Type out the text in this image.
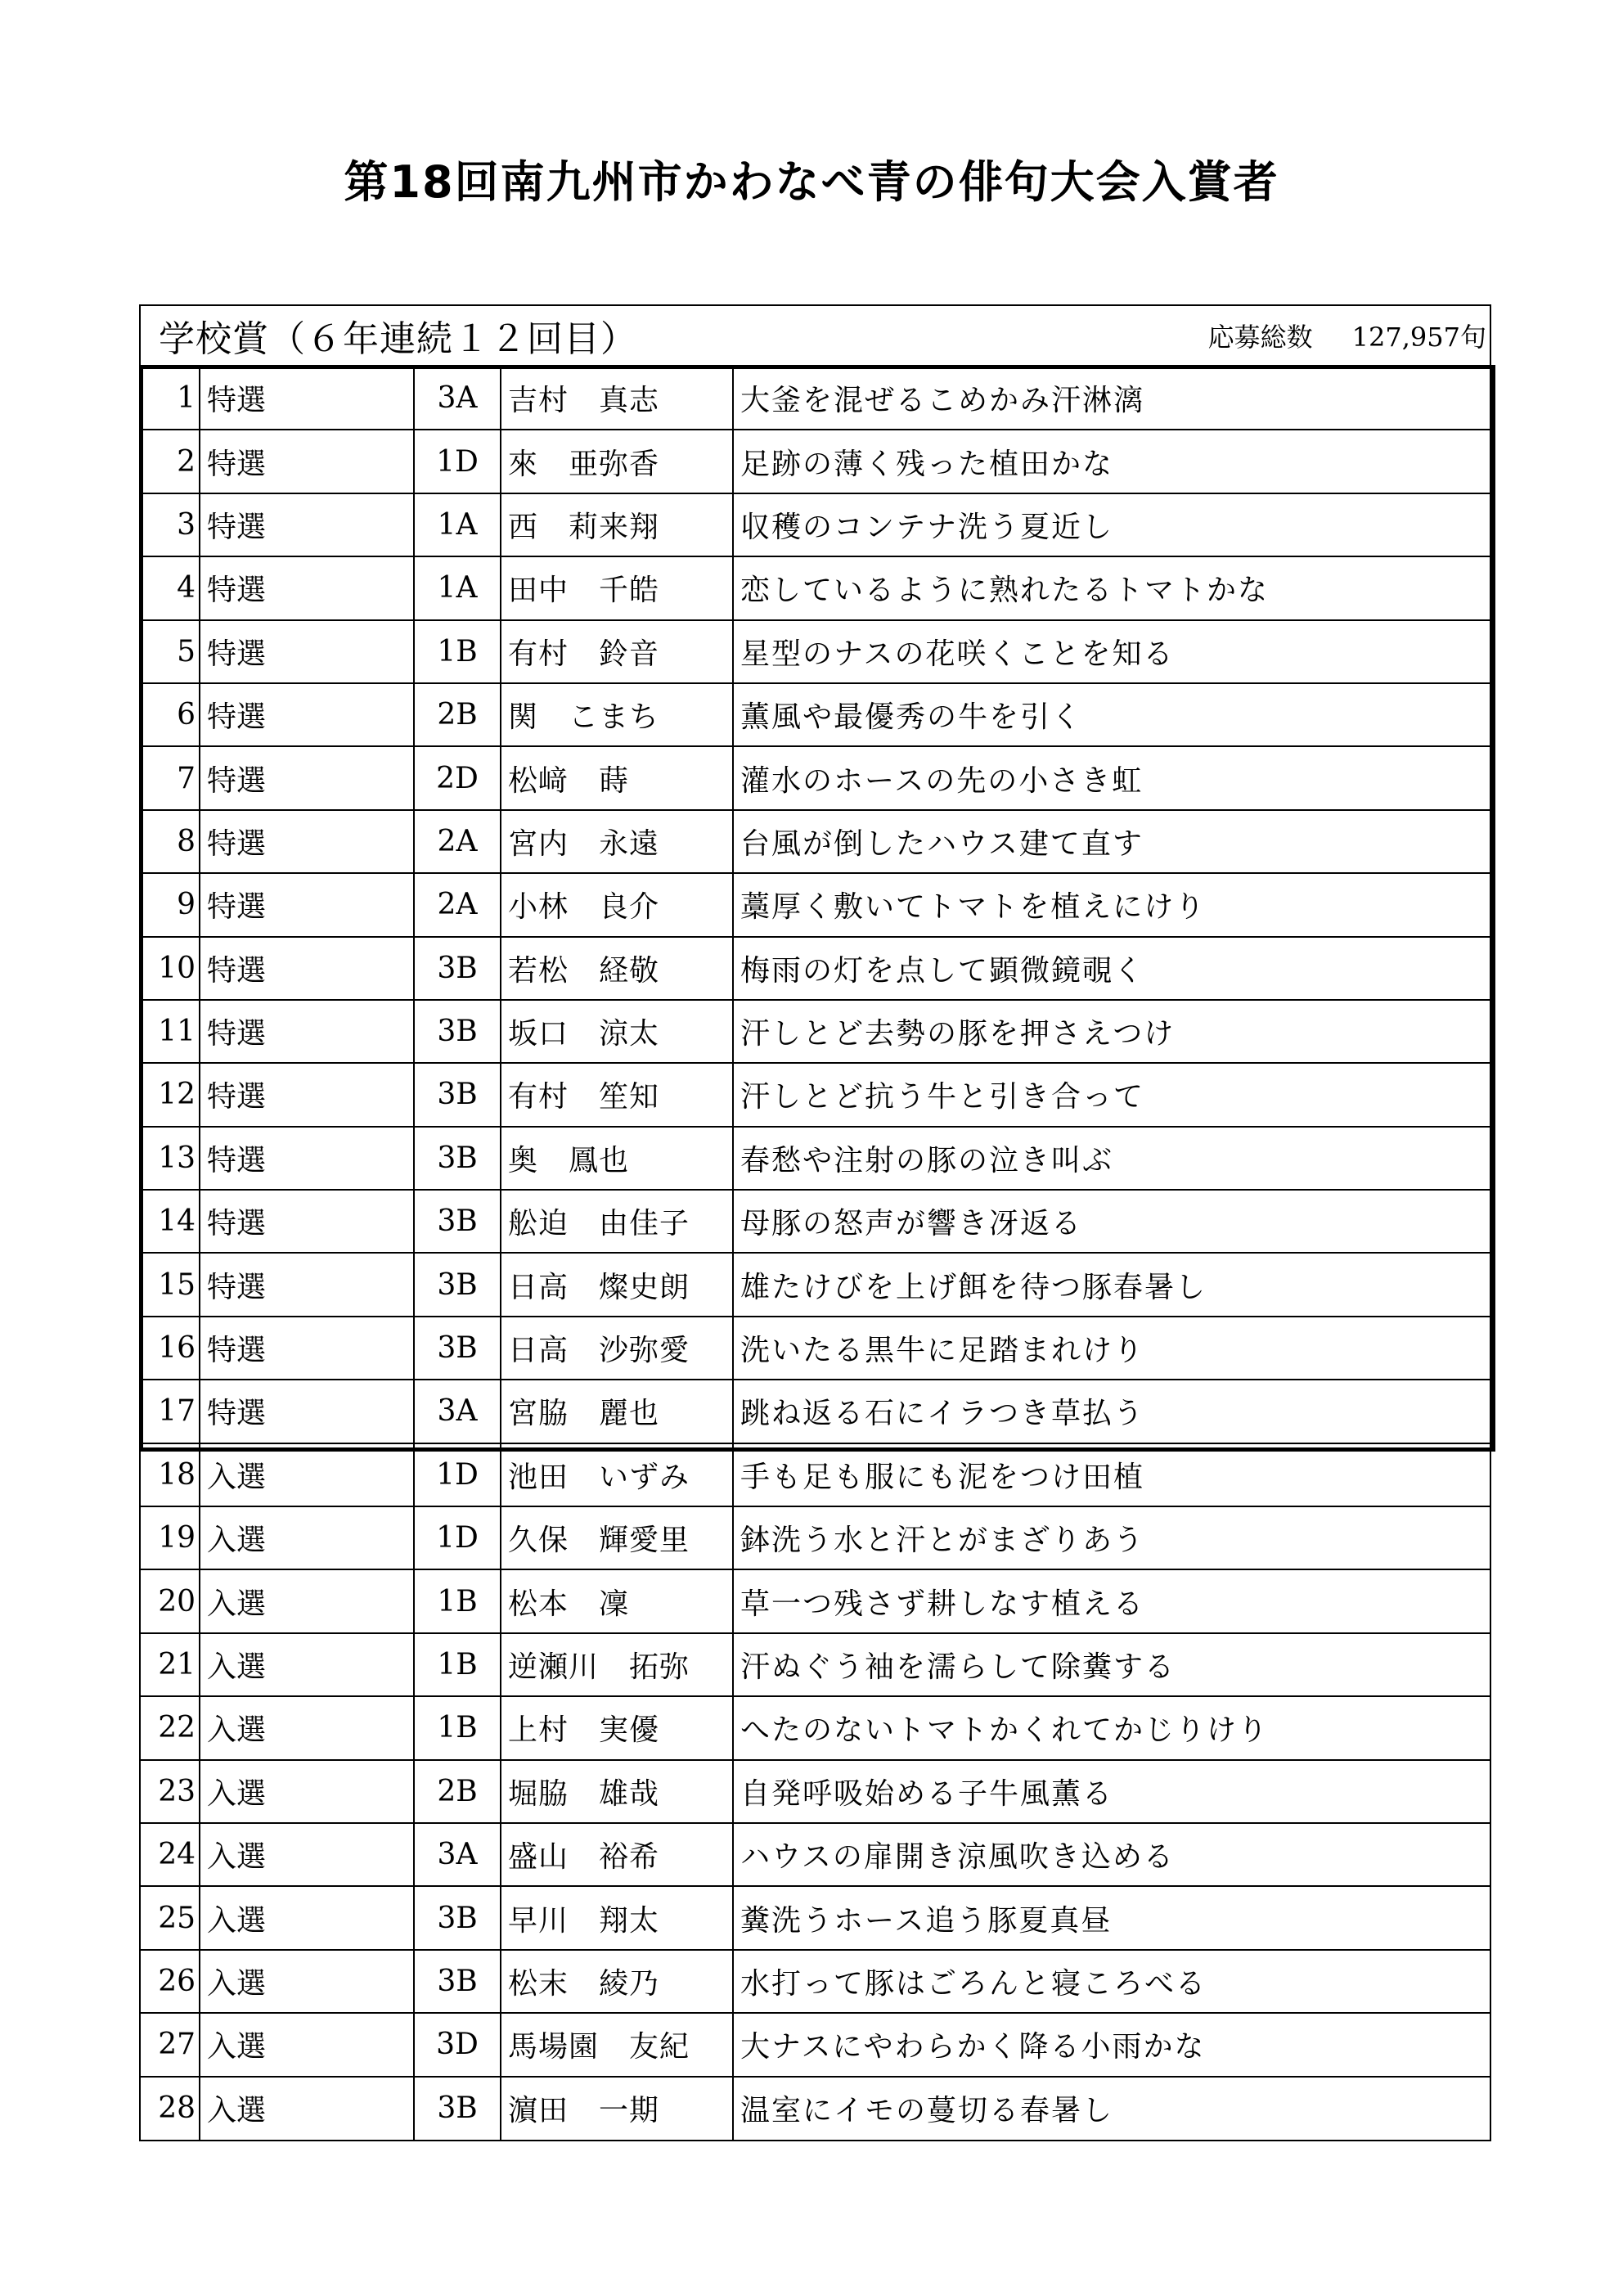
第18回南九州市かわなべ青の俳句大会入賞者
学校賞（６年連続１２回目）	応募総数 127,957句
1	特選	3A	吉村　真志	大釜を混ぜるこめかみ汗淋漓
2	特選	1D	來　亜弥香	足跡の薄く残った植田かな
3	特選	1A	西　莉来翔	収穫のコンテナ洗う夏近し
4	特選	1A	田中　千皓	恋しているように熟れたるトマトかな
5	特選	1B	有村　鈴音	星型のナスの花咲くことを知る
6	特選	2B	関　こまち	薫風や最優秀の牛を引く
7	特選	2D	松﨑　蒔	灌水のホースの先の小さき虹
8	特選	2A	宮内　永遠	台風が倒したハウス建て直す
9	特選	2A	小林　良介	藁厚く敷いてトマトを植えにけり
10	特選	3B	若松　経敬	梅雨の灯を点して顕微鏡覗く
11	特選	3B	坂口　涼太	汗しとど去勢の豚を押さえつけ
12	特選	3B	有村　笙知	汗しとど抗う牛と引き合って
13	特選	3B	奥　鳳也	春愁や注射の豚の泣き叫ぶ
14	特選	3B	舩迫　由佳子	母豚の怒声が響き冴返る
15	特選	3B	日高　燦史朗	雄たけびを上げ餌を待つ豚春暑し
16	特選	3B	日高　沙弥愛	洗いたる黒牛に足踏まれけり
17	特選	3A	宮脇　麗也	跳ね返る石にイラつき草払う
18	入選	1D	池田　いずみ	手も足も服にも泥をつけ田植
19	入選	1D	久保　輝愛里	鉢洗う水と汗とがまざりあう
20	入選	1B	松本　凜	草一つ残さず耕しなす植える
21	入選	1B	逆瀬川　拓弥	汗ぬぐう袖を濡らして除糞する
22	入選	1B	上村　実優	へたのないトマトかくれてかじりけり
23	入選	2B	堀脇　雄哉	自発呼吸始める子牛風薫る
24	入選	3A	盛山　裕希	ハウスの扉開き涼風吹き込める
25	入選	3B	早川　翔太	糞洗うホース追う豚夏真昼
26	入選	3B	松末　綾乃	水打って豚はごろんと寝ころべる
27	入選	3D	馬場園　友紀	大ナスにやわらかく降る小雨かな
28	入選	3B	濵田　一期	温室にイモの蔓切る春暑し
